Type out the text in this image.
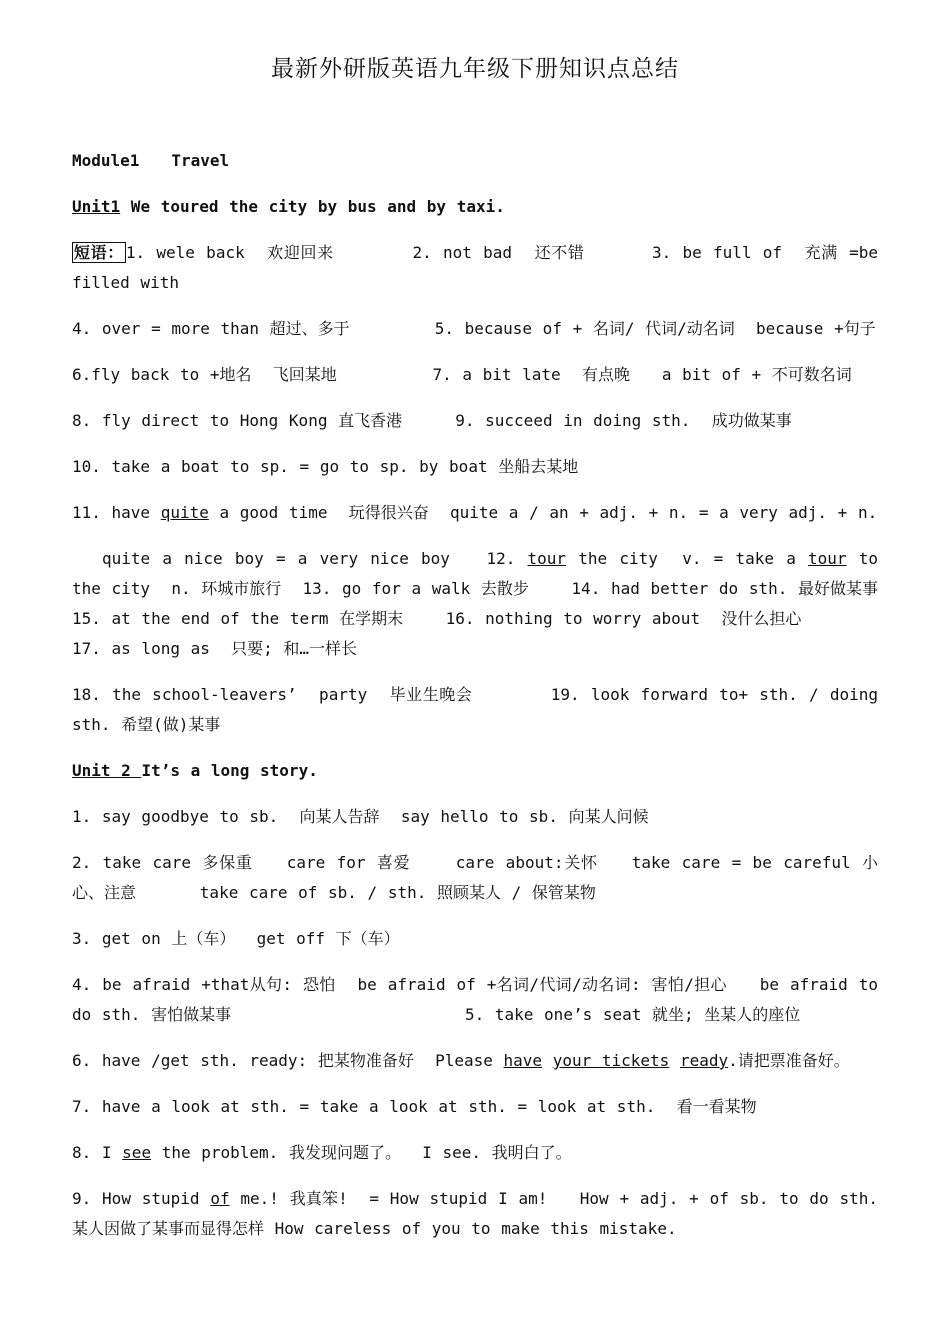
最新外研版英语九年级下册知识点总结
Module1   Travel
Unit1 We toured the city by bus and by taxi.
短语： 1. wele back  欢迎回来       2. not bad  还不错      3. be full of  充满 =be filled with
4. over = more than 超过、多于        5. because of + 名词/ 代词/动名词  because +句子
6.fly back to +地名  飞回某地         7. a bit late  有点晚   a bit of + 不可数名词
8. fly direct to Hong Kong 直飞香港     9. succeed in doing sth.  成功做某事
10. take a boat to sp. = go to sp. by boat 坐船去某地
11. have quite a good time  玩得很兴奋  quite a / an + adj. + n. = a very adj. + n.
quite a nice boy = a very nice boy   12. tour the city  v. = take a tour to the city  n. 环城市旅行  13. go for a walk 去散步    14. had better do sth. 最好做某事  15. at the end of the term 在学期末    16. nothing to worry about  没什么担心
17. as long as  只要; 和…一样长
18. the school-leavers’  party  毕业生晚会       19. look forward to+ sth. / doing sth. 希望(做)某事
Unit 2 It’s a long story.
1. say goodbye to sb.  向某人告辞  say hello to sb. 向某人问候
2. take care 多保重   care for 喜爱    care about:关怀   take care = be careful 小心、注意      take care of sb. / sth. 照顾某人 / 保管某物
3. get on 上（车）  get off 下（车）
4. be afraid +that从句: 恐怕  be afraid of +名词/代词/动名词: 害怕/担心   be afraid to do sth. 害怕做某事                      5. take one’s seat 就坐; 坐某人的座位
6. have /get sth. ready: 把某物准备好  Please have your tickets ready.请把票准备好。
7. have a look at sth. = take a look at sth. = look at sth.  看一看某物
8. I see the problem. 我发现问题了。  I see. 我明白了。
9. How stupid of me.! 我真笨!  = How stupid I am!   How + adj. + of sb. to do sth. 某人因做了某事而显得怎样 How careless of you to make this mistake.
